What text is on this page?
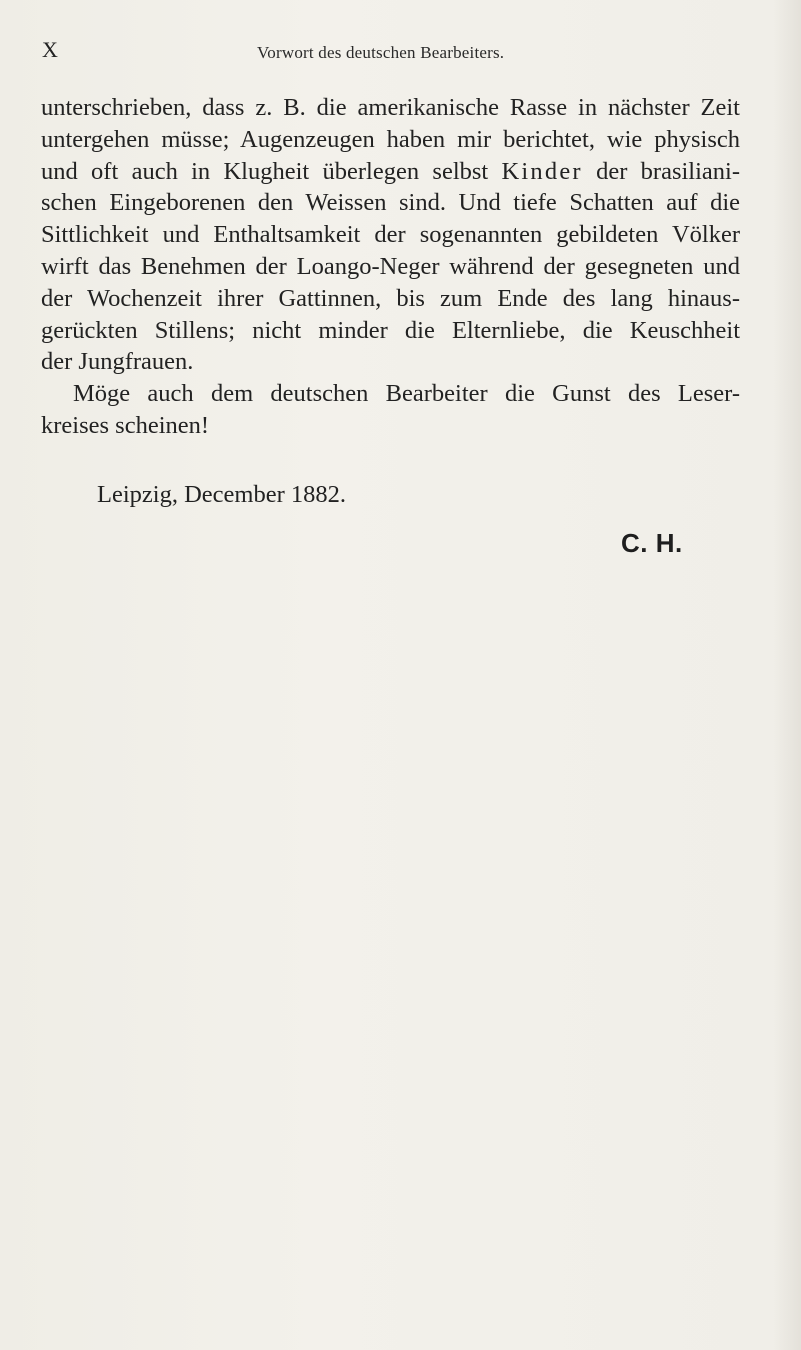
X	Vorwort des deutschen Bearbeiters.
unterschrieben, dass z. B. die amerikanische Rasse in nächster Zeit
untergehen müsse; Augenzeugen haben mir berichtet, wie physisch
und oft auch in Klugheit überlegen selbst Kinder der brasiliani-
schen Eingeborenen den Weissen sind. Und tiefe Schatten auf die
Sittlichkeit und Enthaltsamkeit der sogenannten gebildeten Völker
wirft das Benehmen der Loango-Neger während der gesegneten und
der Wochenzeit ihrer Gattinnen, bis zum Ende des lang hinaus-
gerückten Stillens; nicht minder die Elternliebe, die Keuschheit
der Jungfrauen.
Möge auch dem deutschen Bearbeiter die Gunst des Leser-
kreises scheinen!
Leipzig, December 1882.
C. H.
